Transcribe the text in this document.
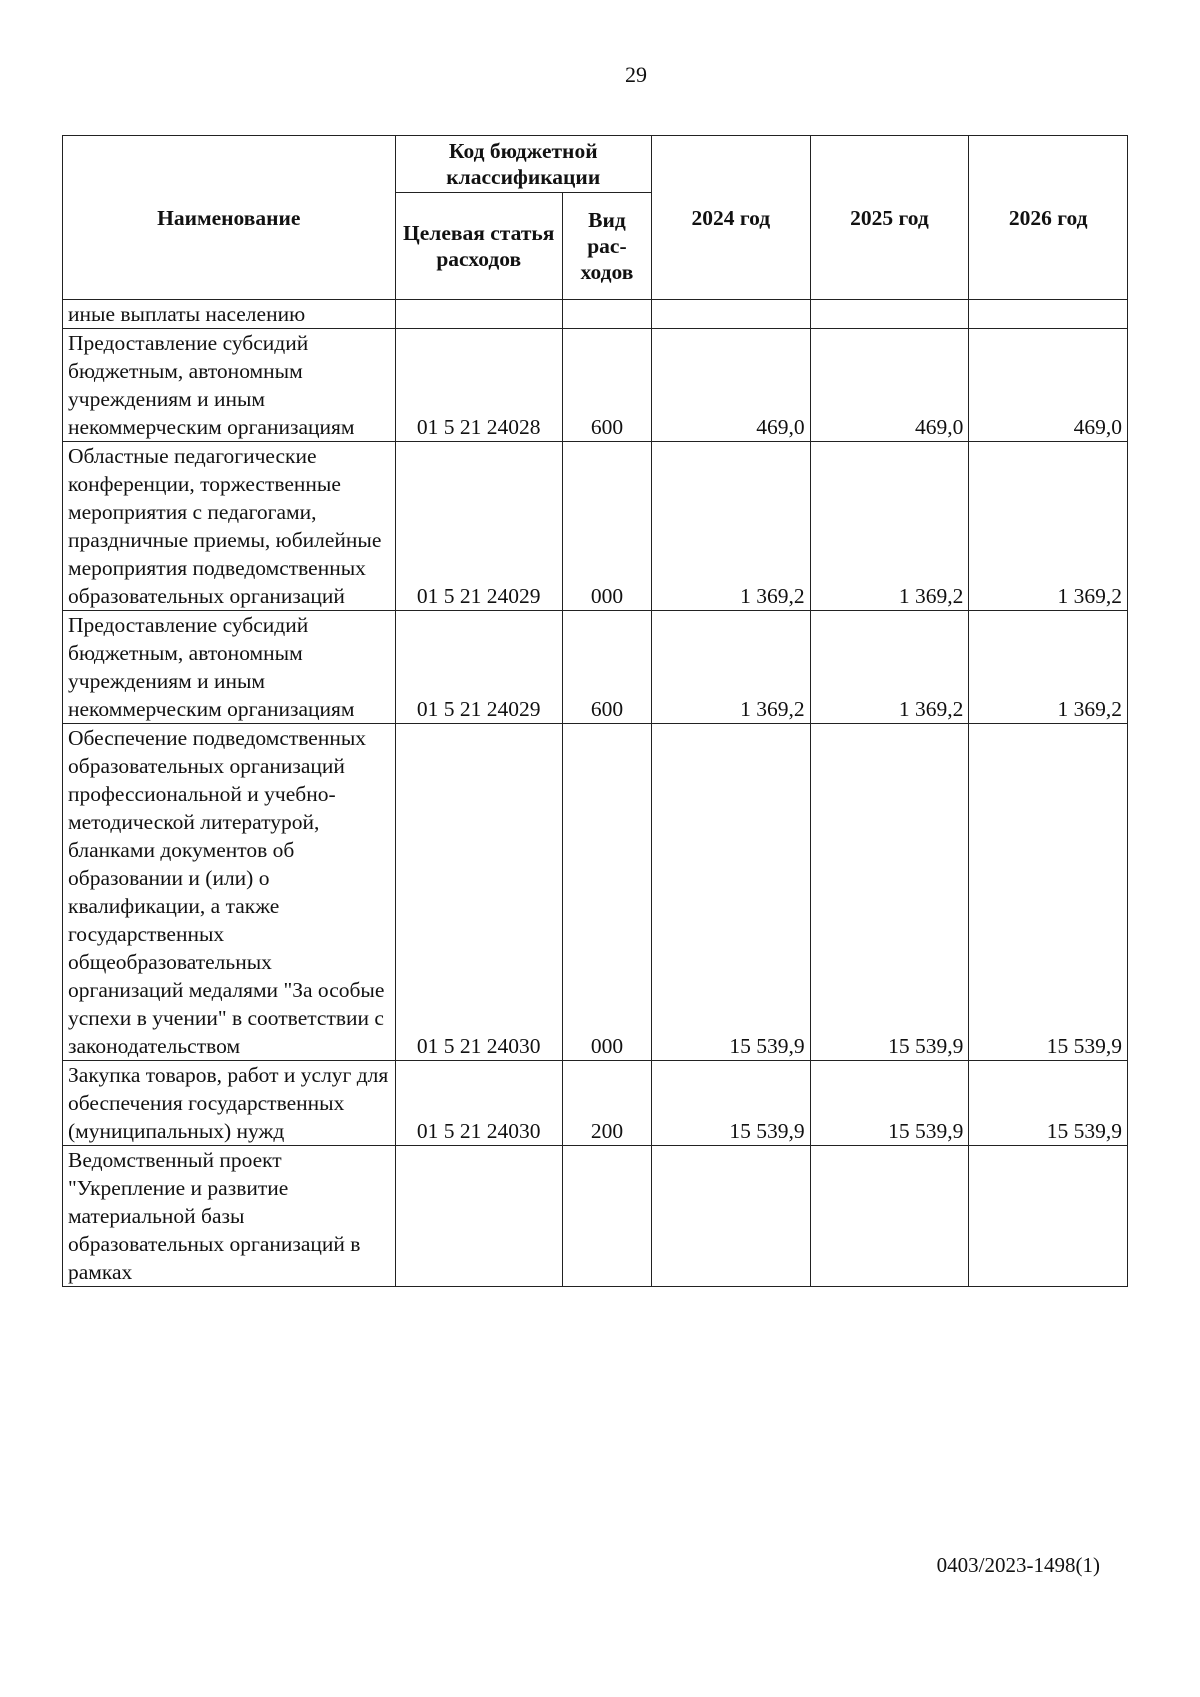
29
Наименование	Код бюджетной классификации		2024 год	2025 год	2026 год
	Целевая статья расходов	Вид рас-ходов			
иные выплаты населению					
Предоставление субсидий бюджетным, автономным учреждениям и иным некоммерческим организациям	01 5 21 24028	600	469,0	469,0	469,0
Областные педагогические конференции, торжественные мероприятия с педагогами, праздничные приемы, юбилейные мероприятия подведомственных образовательных организаций	01 5 21 24029	000	1 369,2	1 369,2	1 369,2
Предоставление субсидий бюджетным, автономным учреждениям и иным некоммерческим организациям	01 5 21 24029	600	1 369,2	1 369,2	1 369,2
Обеспечение подведомственных образовательных организаций профессиональной и учебно-методической литературой, бланками документов об образовании и (или) о квалификации, а также государственных общеобразовательных организаций медалями "За особые успехи в учении" в соответствии с законодательством	01 5 21 24030	000	15 539,9	15 539,9	15 539,9
Закупка товаров, работ и услуг для обеспечения государственных (муниципальных) нужд	01 5 21 24030	200	15 539,9	15 539,9	15 539,9
Ведомственный проект "Укрепление и развитие материальной базы образовательных организаций в рамках					
0403/2023-1498(1)
